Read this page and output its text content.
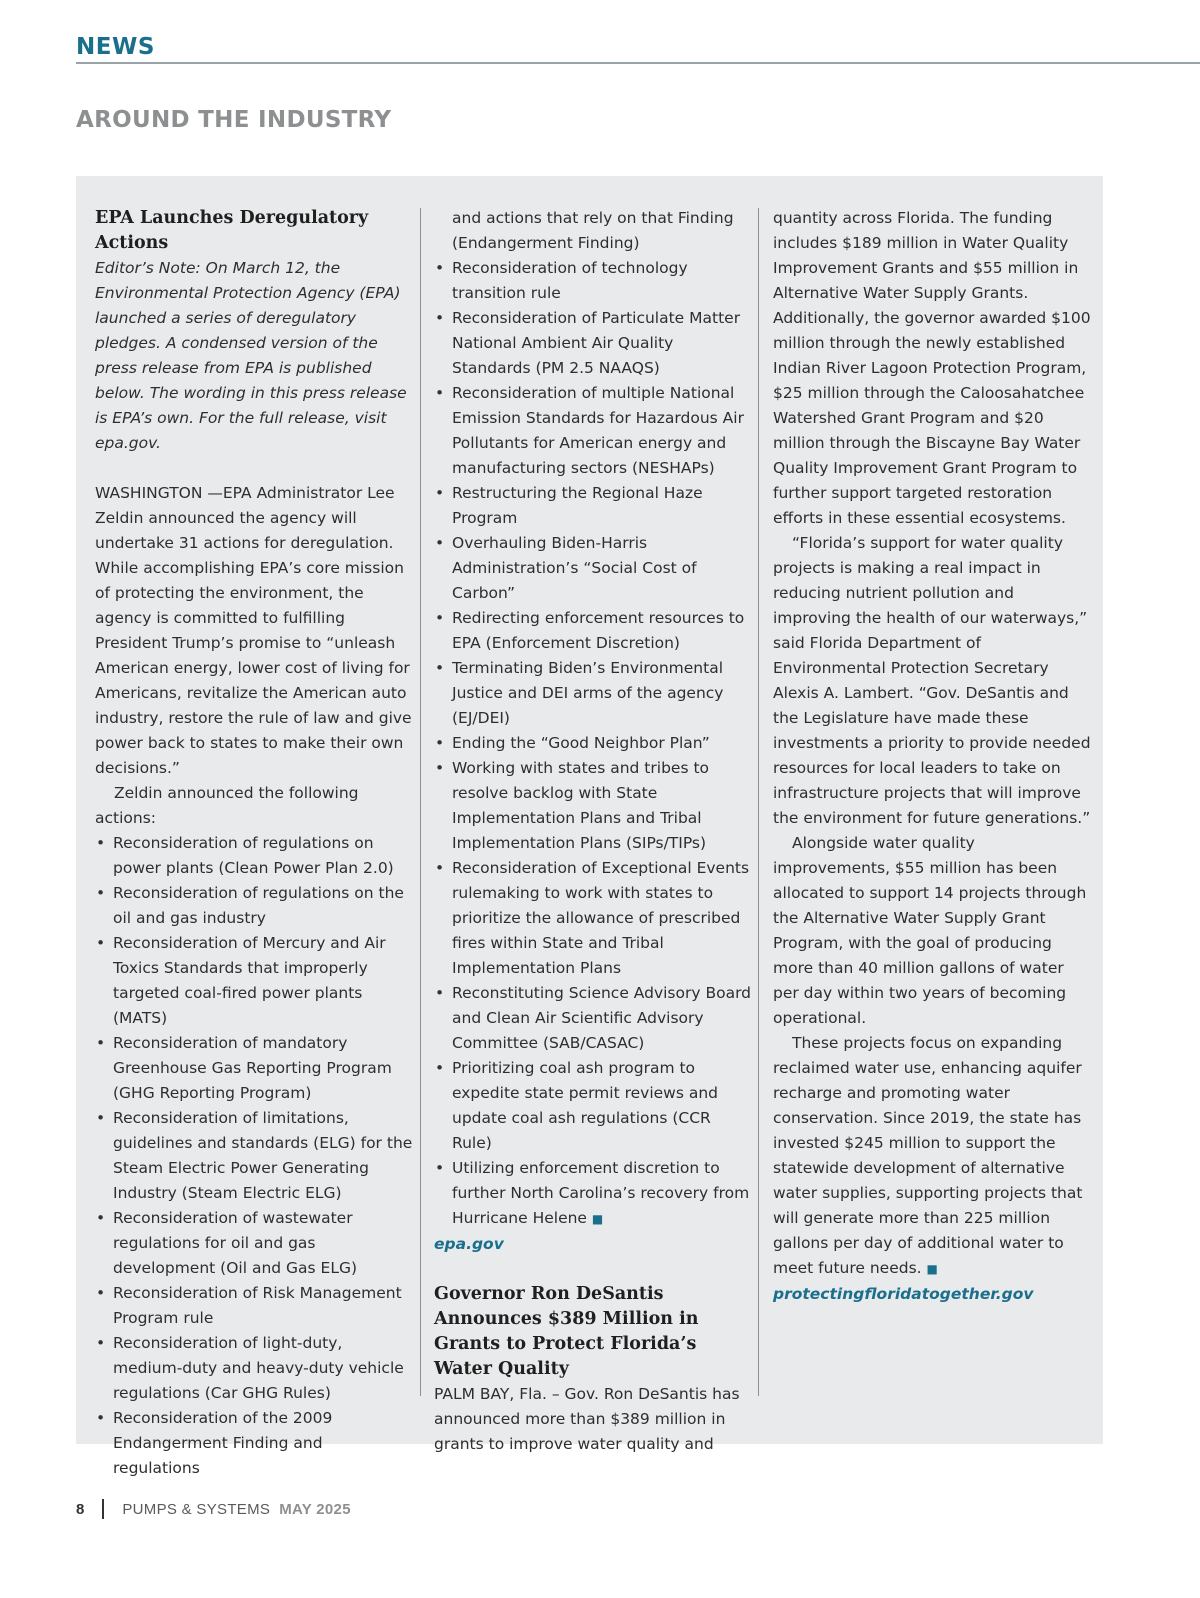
NEWS
AROUND THE INDUSTRY
EPA Launches Deregulatory Actions

Editor’s Note: On March 12, the Environmental Protection Agency (EPA) launched a series of deregulatory pledges. A condensed version of the press release from EPA is published below. The wording in this press release is EPA’s own. For the full release, visit epa.gov.

WASHINGTON —EPA Administrator Lee Zeldin announced the agency will undertake 31 actions for deregulation. While accomplishing EPA’s core mission of protecting the environment, the agency is committed to fulfilling President Trump’s promise to “unleash American energy, lower cost of living for Americans, revitalize the American auto industry, restore the rule of law and give power back to states to make their own decisions.”

Zeldin announced the following actions:

• Reconsideration of regulations on power plants (Clean Power Plan 2.0)
• Reconsideration of regulations on the oil and gas industry
• Reconsideration of Mercury and Air Toxics Standards that improperly targeted coal-fired power plants (MATS)
• Reconsideration of mandatory Greenhouse Gas Reporting Program (GHG Reporting Program)
• Reconsideration of limitations, guidelines and standards (ELG) for the Steam Electric Power Generating Industry (Steam Electric ELG)
• Reconsideration of wastewater regulations for oil and gas development (Oil and Gas ELG)
• Reconsideration of Risk Management Program rule
• Reconsideration of light-duty, medium-duty and heavy-duty vehicle regulations (Car GHG Rules)
• Reconsideration of the 2009 Endangerment Finding and regulations
and actions that rely on that Finding (Endangerment Finding)
• Reconsideration of technology transition rule
• Reconsideration of Particulate Matter National Ambient Air Quality Standards (PM 2.5 NAAQS)
• Reconsideration of multiple National Emission Standards for Hazardous Air Pollutants for American energy and manufacturing sectors (NESHAPs)
• Restructuring the Regional Haze Program
• Overhauling Biden-Harris Administration’s “Social Cost of Carbon”
• Redirecting enforcement resources to EPA (Enforcement Discretion)
• Terminating Biden’s Environmental Justice and DEI arms of the agency (EJ/DEI)
• Ending the “Good Neighbor Plan”
• Working with states and tribes to resolve backlog with State Implementation Plans and Tribal Implementation Plans (SIPs/TIPs)
• Reconsideration of Exceptional Events rulemaking to work with states to prioritize the allowance of prescribed fires within State and Tribal Implementation Plans
• Reconstituting Science Advisory Board and Clean Air Scientific Advisory Committee (SAB/CASAC)
• Prioritizing coal ash program to expedite state permit reviews and update coal ash regulations (CCR Rule)
• Utilizing enforcement discretion to further North Carolina’s recovery from Hurricane Helene ■

epa.gov

Governor Ron DeSantis Announces $389 Million in Grants to Protect Florida’s Water Quality

PALM BAY, Fla. – Gov. Ron DeSantis has announced more than $389 million in grants to improve water quality and

quantity across Florida. The funding includes $189 million in Water Quality Improvement Grants and $55 million in Alternative Water Supply Grants. Additionally, the governor awarded $100 million through the newly established Indian River Lagoon Protection Program, $25 million through the Caloosahatchee Watershed Grant Program and $20 million through the Biscayne Bay Water Quality Improvement Grant Program to further support targeted restoration efforts in these essential ecosystems.

“Florida’s support for water quality projects is making a real impact in reducing nutrient pollution and improving the health of our waterways,” said Florida Department of Environmental Protection Secretary Alexis A. Lambert. “Gov. DeSantis and the Legislature have made these investments a priority to provide needed resources for local leaders to take on infrastructure projects that will improve the environment for future generations.”

Alongside water quality improvements, $55 million has been allocated to support 14 projects through the Alternative Water Supply Grant Program, with the goal of producing more than 40 million gallons of water per day within two years of becoming operational.

These projects focus on expanding reclaimed water use, enhancing aquifer recharge and promoting water conservation. Since 2019, the state has invested $245 million to support the statewide development of alternative water supplies, supporting projects that will generate more than 225 million gallons per day of additional water to meet future needs. ■

protectingfloridatogether.gov

8	PUMPS & SYSTEMS MAY 2025
